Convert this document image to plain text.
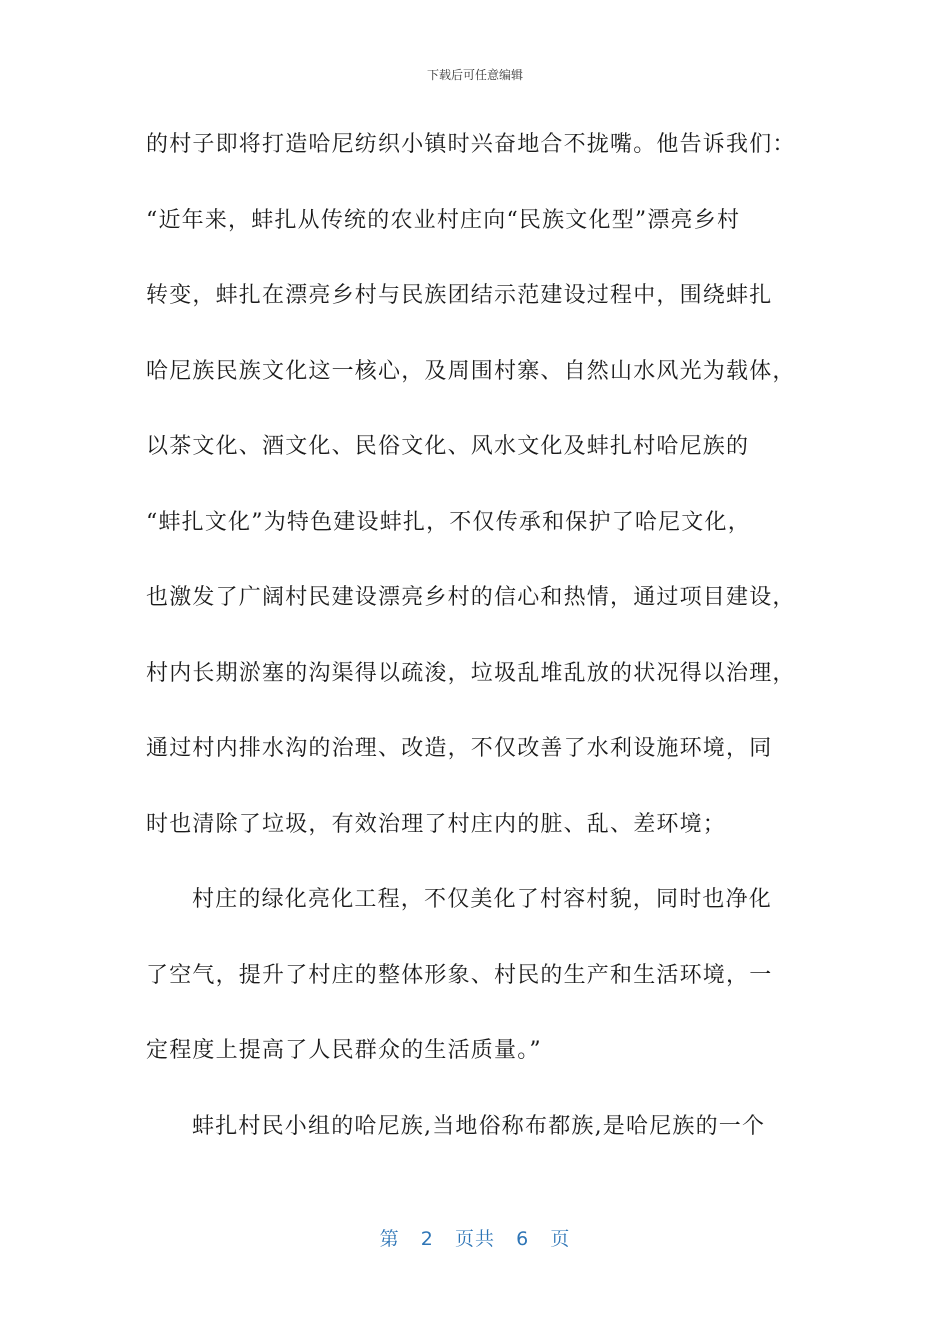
下载后可任意编辑
的村子即将打造哈尼纺织小镇时兴奋地合不拢嘴。他告诉我们：
“近年来，蚌扎从传统的农业村庄向“民族文化型”漂亮乡村
转变，蚌扎在漂亮乡村与民族团结示范建设过程中，围绕蚌扎
哈尼族民族文化这一核心，及周围村寨、自然山水风光为载体，
以茶文化、酒文化、民俗文化、风水文化及蚌扎村哈尼族的
“蚌扎文化”为特色建设蚌扎，不仅传承和保护了哈尼文化，
也激发了广阔村民建设漂亮乡村的信心和热情，通过项目建设，
村内长期淤塞的沟渠得以疏浚，垃圾乱堆乱放的状况得以治理，
通过村内排水沟的治理、改造，不仅改善了水利设施环境，同
时也清除了垃圾，有效治理了村庄内的脏、乱、差环境；
村庄的绿化亮化工程，不仅美化了村容村貌，同时也净化
了空气，提升了村庄的整体形象、村民的生产和生活环境，一
定程度上提高了人民群众的生活质量。”
蚌扎村民小组的哈尼族,当地俗称布都族,是哈尼族的一个
第 2 页共 6 页
